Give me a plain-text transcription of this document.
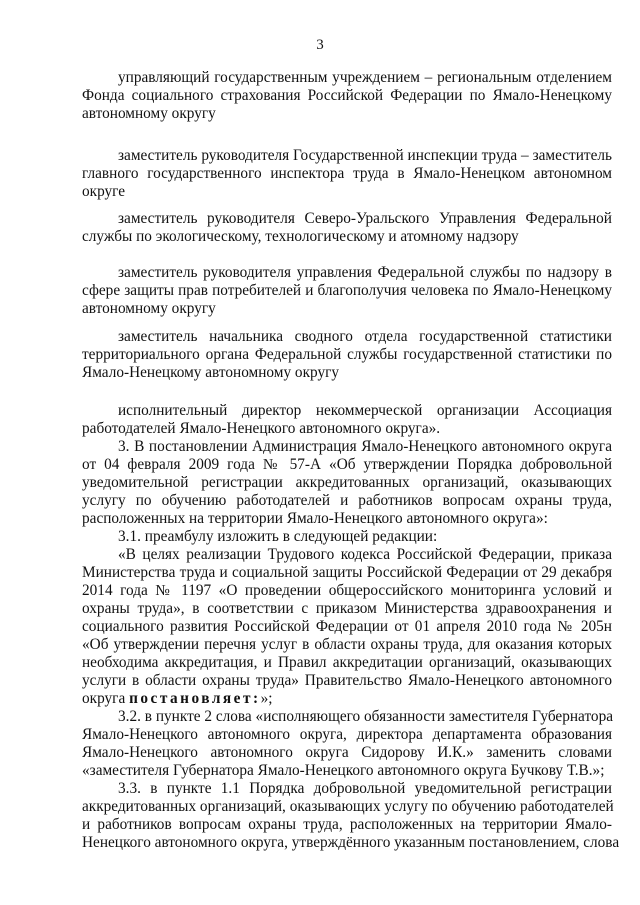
3
управляющий государственным учреждением – региональным отделением
Фонда социального страхования Российской Федерации по Ямало-Ненецкому
автономному округу
заместитель руководителя Государственной инспекции труда – заместитель
главного государственного инспектора труда в Ямало-Ненецком автономном
округе
заместитель руководителя Северо-Уральского Управления Федеральной
службы по экологическому, технологическому и атомному надзору
заместитель руководителя управления Федеральной службы по надзору в
сфере защиты прав потребителей и благополучия человека по Ямало-Ненецкому
автономному округу
заместитель начальника сводного отдела государственной статистики
территориального органа Федеральной службы государственной статистики по
Ямало-Ненецкому автономному округу
исполнительный директор некоммерческой организации Ассоциация
работодателей Ямало-Ненецкого автономного округа».
3. В постановлении Администрация Ямало-Ненецкого автономного округа
от 04 февраля 2009 года № 57-А «Об утверждении Порядка добровольной
уведомительной регистрации аккредитованных организаций, оказывающих
услугу по обучению работодателей и работников вопросам охраны труда,
расположенных на территории Ямало-Ненецкого автономного округа»:
3.1. преамбулу изложить в следующей редакции:
«В целях реализации Трудового кодекса Российской Федерации, приказа
Министерства труда и социальной защиты Российской Федерации от 29 декабря
2014 года № 1197 «О проведении общероссийского мониторинга условий и
охраны труда», в соответствии с приказом Министерства здравоохранения и
социального развития Российской Федерации от 01 апреля 2010 года № 205н
«Об утверждении перечня услуг в области охраны труда, для оказания которых
необходима аккредитация, и Правил аккредитации организаций, оказывающих
услуги в области охраны труда» Правительство Ямало-Ненецкого автономного
округа постановляет:»;
3.2. в пункте 2 слова «исполняющего обязанности заместителя Губернатора
Ямало-Ненецкого автономного округа, директора департамента образования
Ямало-Ненецкого автономного округа Сидорову И.К.» заменить словами
«заместителя Губернатора Ямало-Ненецкого автономного округа Бучкову Т.В.»;
3.3. в пункте 1.1 Порядка добровольной уведомительной регистрации
аккредитованных организаций, оказывающих услугу по обучению работодателей
и работников вопросам охраны труда, расположенных на территории Ямало-
Ненецкого автономного округа, утверждённого указанным постановлением, слова
